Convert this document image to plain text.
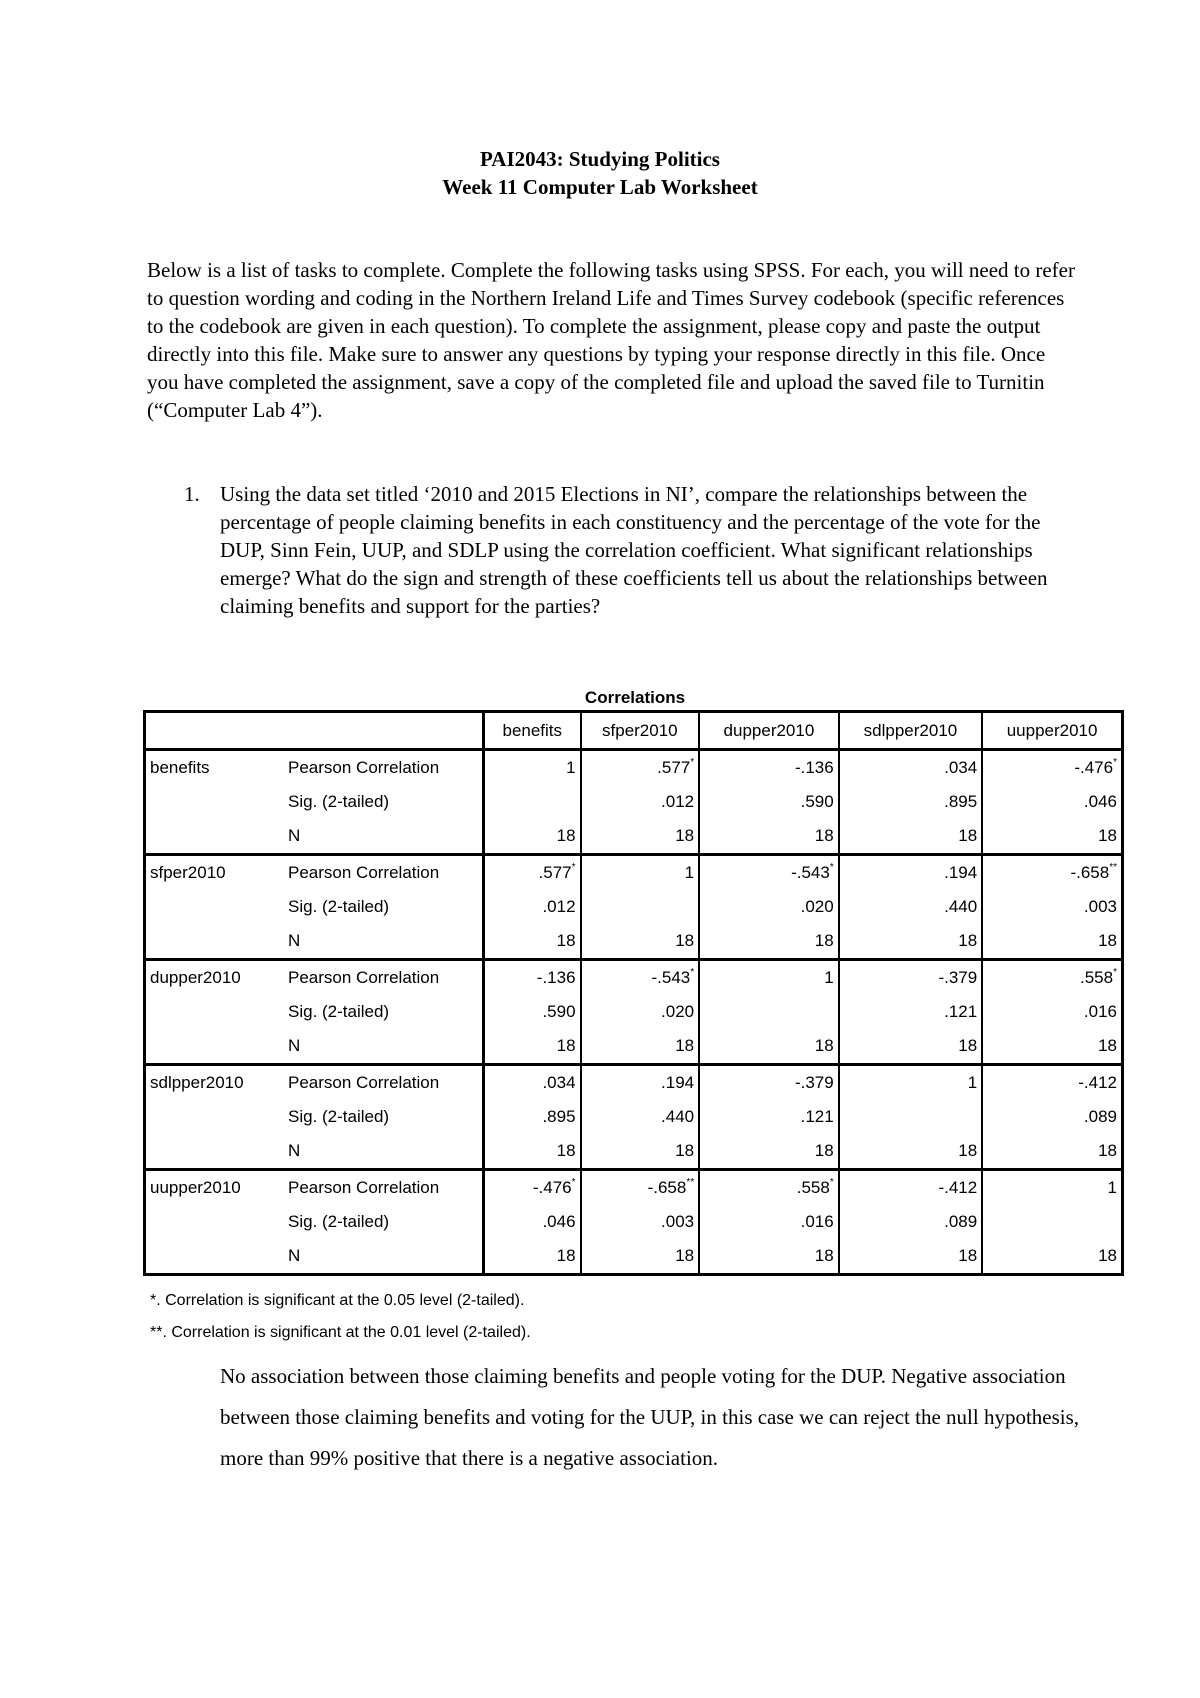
PAI2043: Studying Politics
Week 11 Computer Lab Worksheet
Below is a list of tasks to complete. Complete the following tasks using SPSS. For each, you will need to refer to question wording and coding in the Northern Ireland Life and Times Survey codebook (specific references to the codebook are given in each question). To complete the assignment, please copy and paste the output directly into this file. Make sure to answer any questions by typing your response directly in this file. Once you have completed the assignment, save a copy of the completed file and upload the saved file to Turnitin (“Computer Lab 4”).
1. Using the data set titled ‘2010 and 2015 Elections in NI’, compare the relationships between the percentage of people claiming benefits in each constituency and the percentage of the vote for the DUP, Sinn Fein, UUP, and SDLP using the correlation coefficient. What significant relationships emerge? What do the sign and strength of these coefficients tell us about the relationships between claiming benefits and support for the parties?
Correlations
		benefits	sfper2010	dupper2010	sdlpper2010	uupper2010
benefits	Pearson Correlation	1	.577*	-.136	.034	-.476*
	Sig. (2-tailed)		.012	.590	.895	.046
	N	18	18	18	18	18
sfper2010	Pearson Correlation	.577*	1	-.543*	.194	-.658**
	Sig. (2-tailed)	.012		.020	.440	.003
	N	18	18	18	18	18
dupper2010	Pearson Correlation	-.136	-.543*	1	-.379	.558*
	Sig. (2-tailed)	.590	.020		.121	.016
	N	18	18	18	18	18
sdlpper2010	Pearson Correlation	.034	.194	-.379	1	-.412
	Sig. (2-tailed)	.895	.440	.121		.089
	N	18	18	18	18	18
uupper2010	Pearson Correlation	-.476*	-.658**	.558*	-.412	1
	Sig. (2-tailed)	.046	.003	.016	.089	
	N	18	18	18	18	18
*. Correlation is significant at the 0.05 level (2-tailed).
**. Correlation is significant at the 0.01 level (2-tailed).
No association between those claiming benefits and people voting for the DUP. Negative association between those claiming benefits and voting for the UUP, in this case we can reject the null hypothesis, more than 99% positive that there is a negative association.
